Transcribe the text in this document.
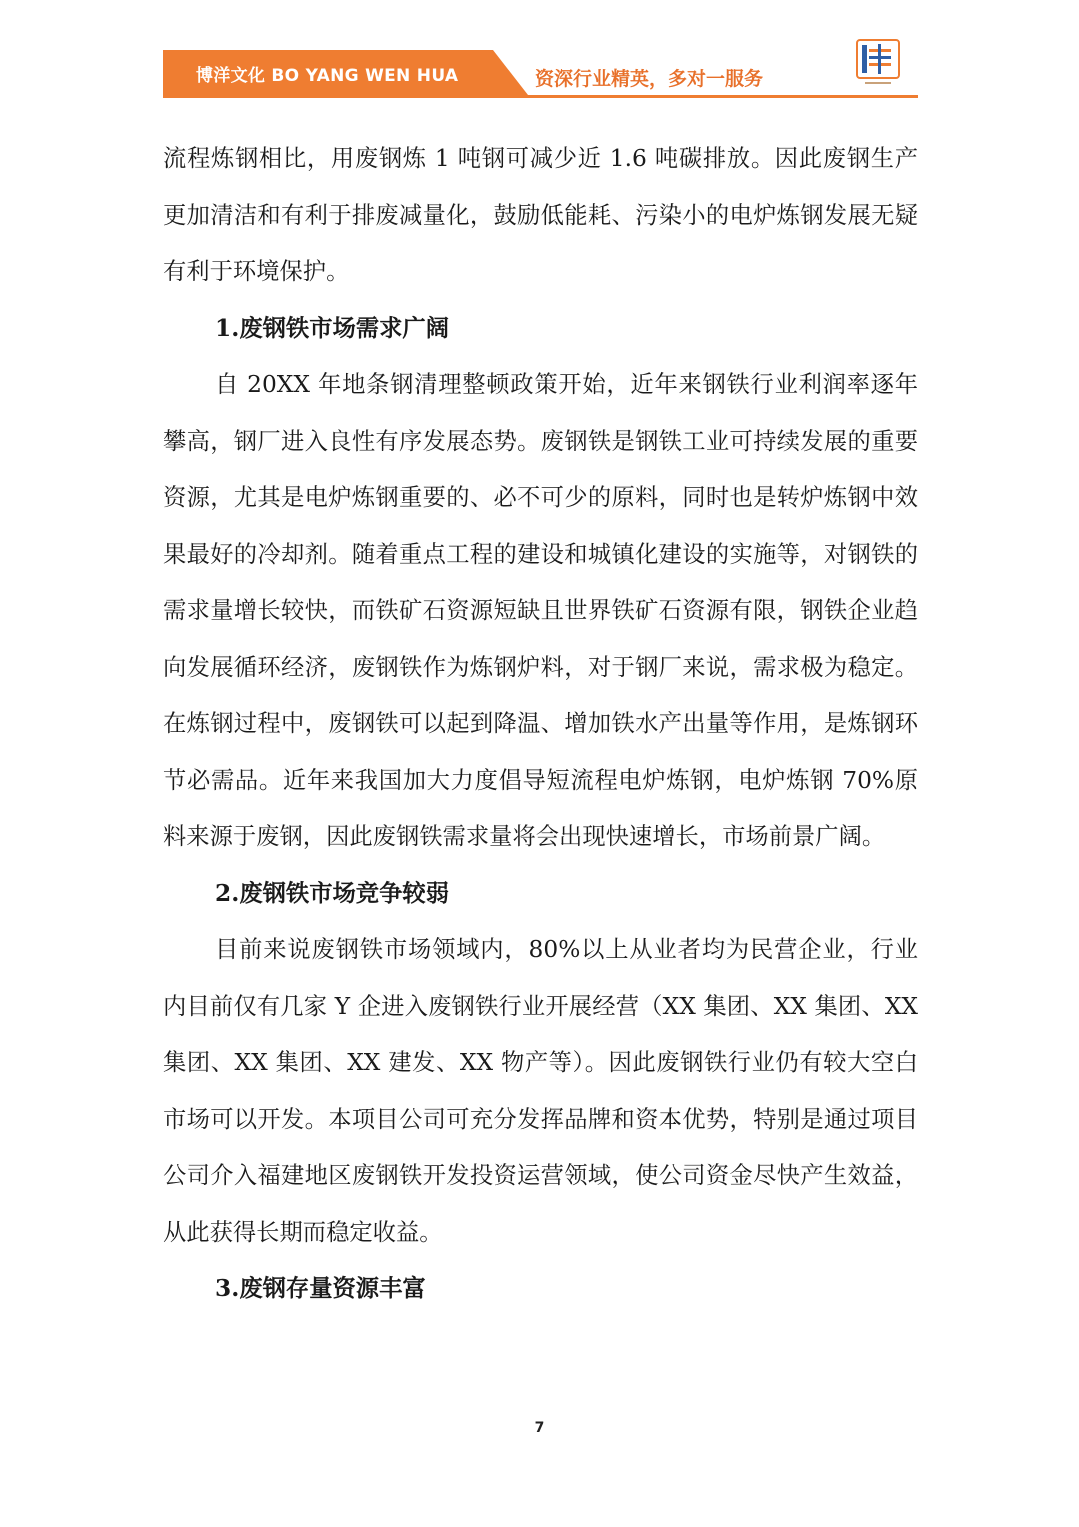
博洋文化 BO YANG WEN HUA	资深行业精英，多对一服务

流程炼钢相比，用废钢炼 1 吨钢可减少近 1.6 吨碳排放。因此废钢生产更加清洁和有利于排废减量化，鼓励低能耗、污染小的电炉炼钢发展无疑有利于环境保护。

1.废钢铁市场需求广阔

自 20XX 年地条钢清理整顿政策开始，近年来钢铁行业利润率逐年攀高，钢厂进入良性有序发展态势。废钢铁是钢铁工业可持续发展的重要资源，尤其是电炉炼钢重要的、必不可少的原料，同时也是转炉炼钢中效果最好的冷却剂。随着重点工程的建设和城镇化建设的实施等，对钢铁的需求量增长较快，而铁矿石资源短缺且世界铁矿石资源有限，钢铁企业趋向发展循环经济，废钢铁作为炼钢炉料，对于钢厂来说，需求极为稳定。在炼钢过程中，废钢铁可以起到降温、增加铁水产出量等作用，是炼钢环节必需品。近年来我国加大力度倡导短流程电炉炼钢，电炉炼钢 70%原料来源于废钢，因此废钢铁需求量将会出现快速增长，市场前景广阔。

2.废钢铁市场竞争较弱

目前来说废钢铁市场领域内，80%以上从业者均为民营企业，行业内目前仅有几家 Y 企进入废钢铁行业开展经营（XX 集团、XX 集团、XX 集团、XX 集团、XX 建发、XX 物产等）。因此废钢铁行业仍有较大空白市场可以开发。本项目公司可充分发挥品牌和资本优势，特别是通过项目公司介入福建地区废钢铁开发投资运营领域，使公司资金尽快产生效益，从此获得长期而稳定收益。

3.废钢存量资源丰富

7
